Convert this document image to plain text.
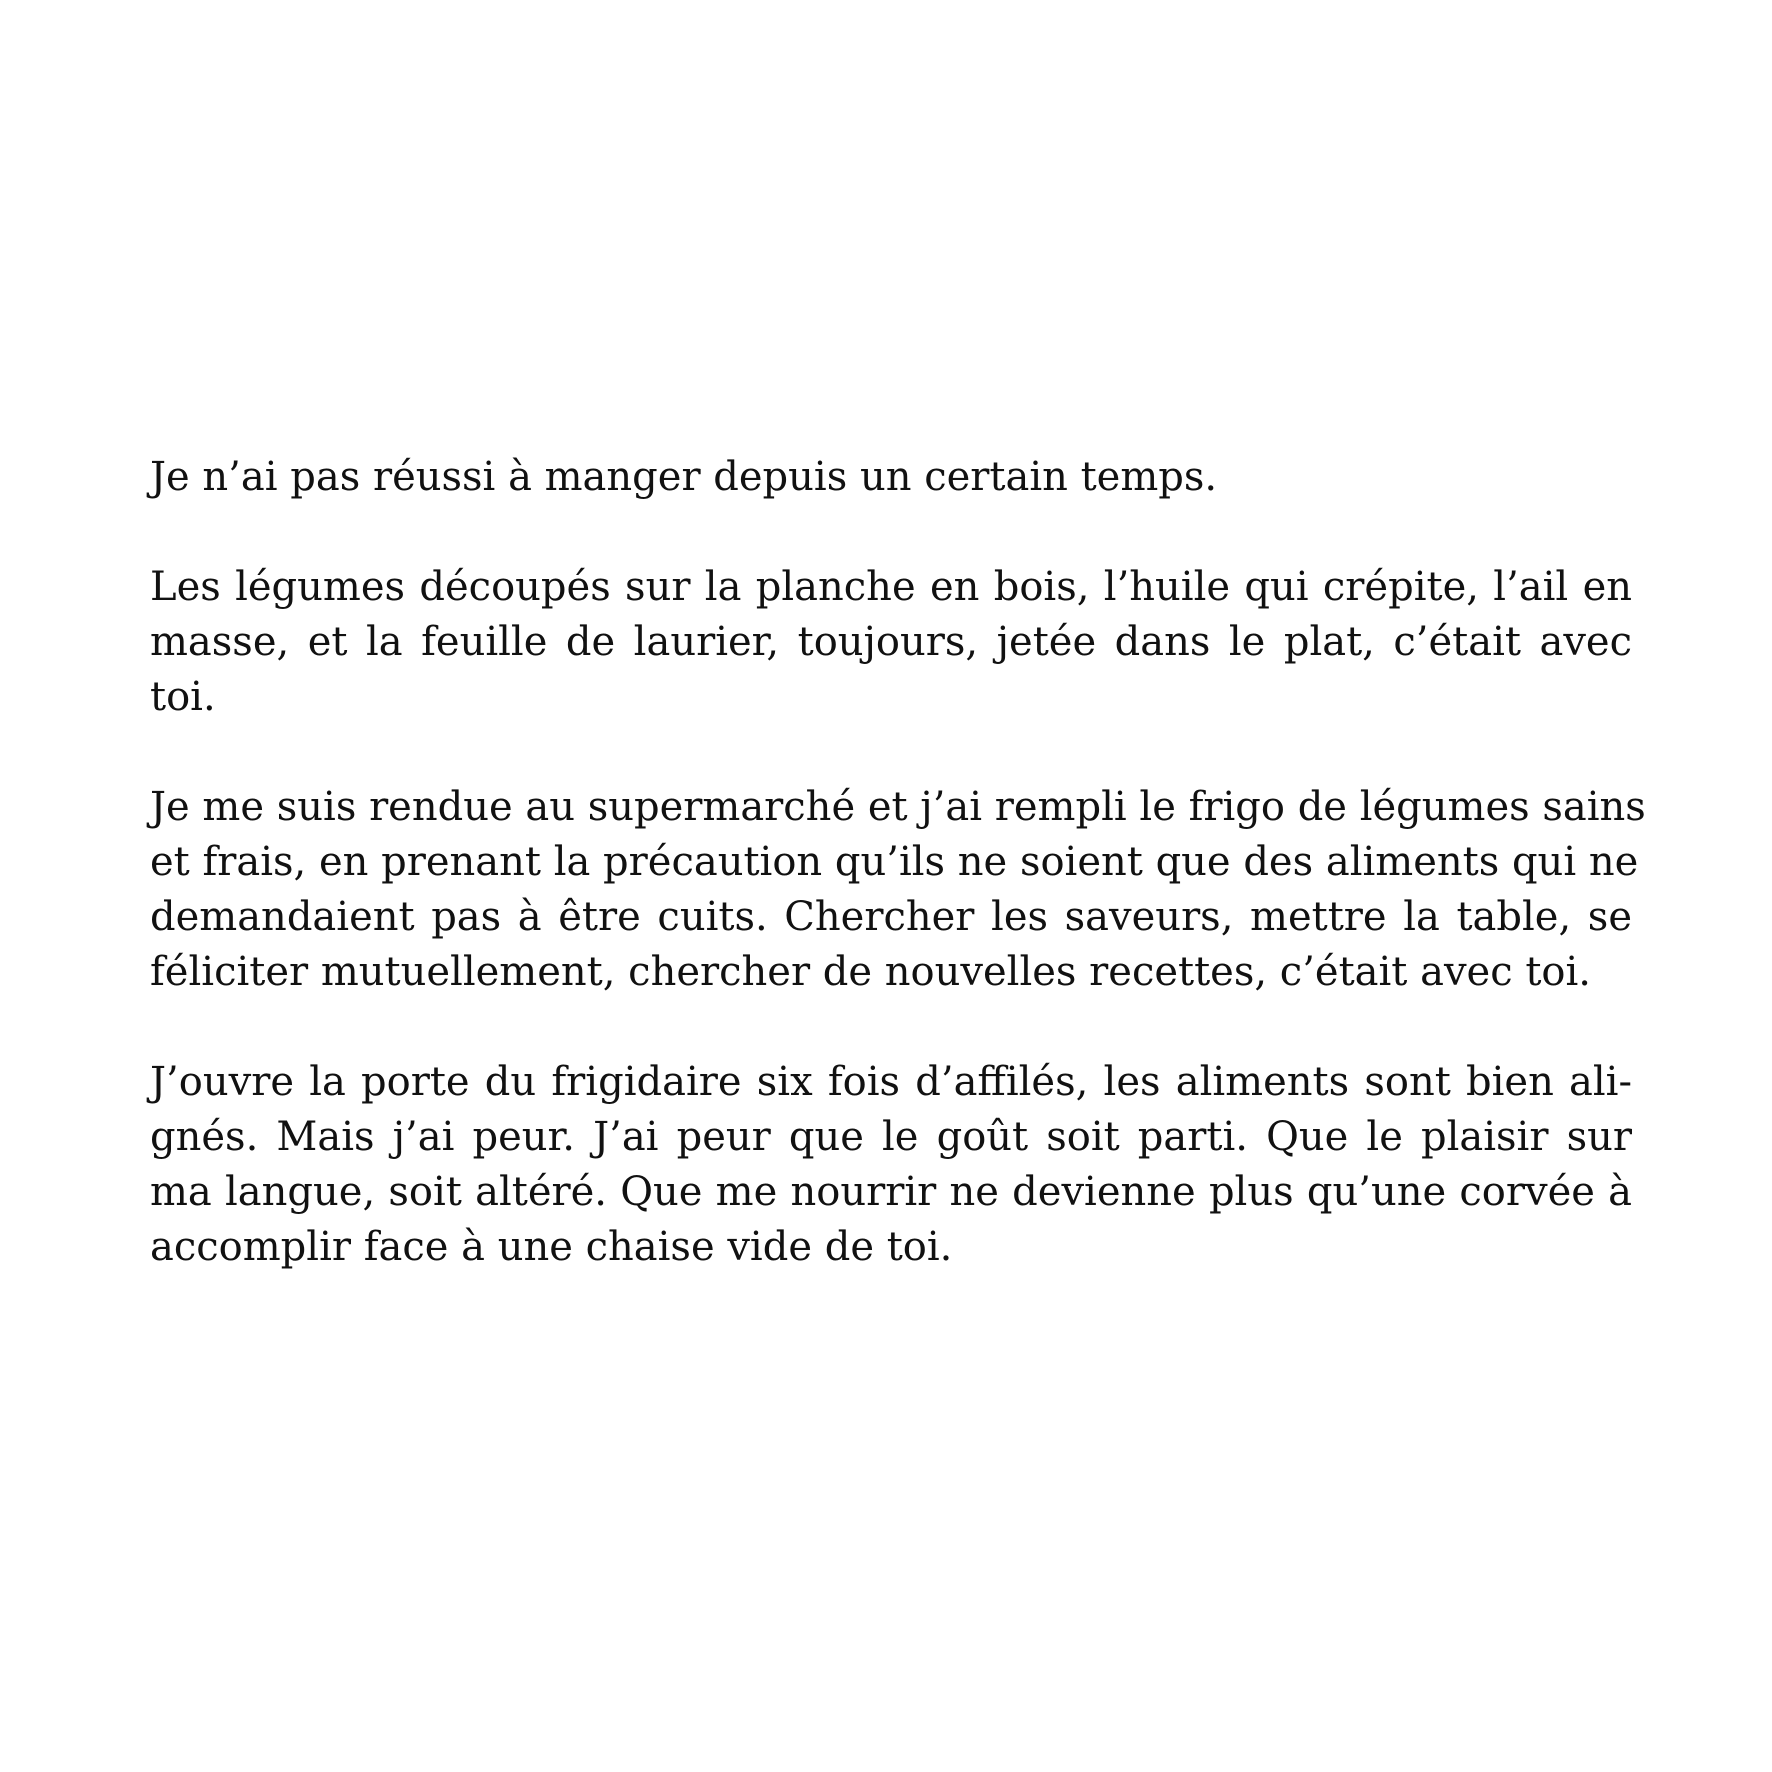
Je n’ai pas réussi à manger depuis un certain temps.

Les légumes découpés sur la planche en bois, l’huile qui crépite, l’ail en
masse, et la feuille de laurier, toujours, jetée dans le plat, c’était avec
toi.

Je me suis rendue au supermarché et j’ai rempli le frigo de légumes sains
et frais, en prenant la précaution qu’ils ne soient que des aliments qui ne
demandaient pas à être cuits. Chercher les saveurs, mettre la table, se
féliciter mutuellement, chercher de nouvelles recettes, c’était avec toi.

J’ouvre la porte du frigidaire six fois d’affilés, les aliments sont bien ali-
gnés. Mais j’ai peur. J’ai peur que le goût soit parti. Que le plaisir sur
ma langue, soit altéré. Que me nourrir ne devienne plus qu’une corvée à
accomplir face à une chaise vide de toi.
